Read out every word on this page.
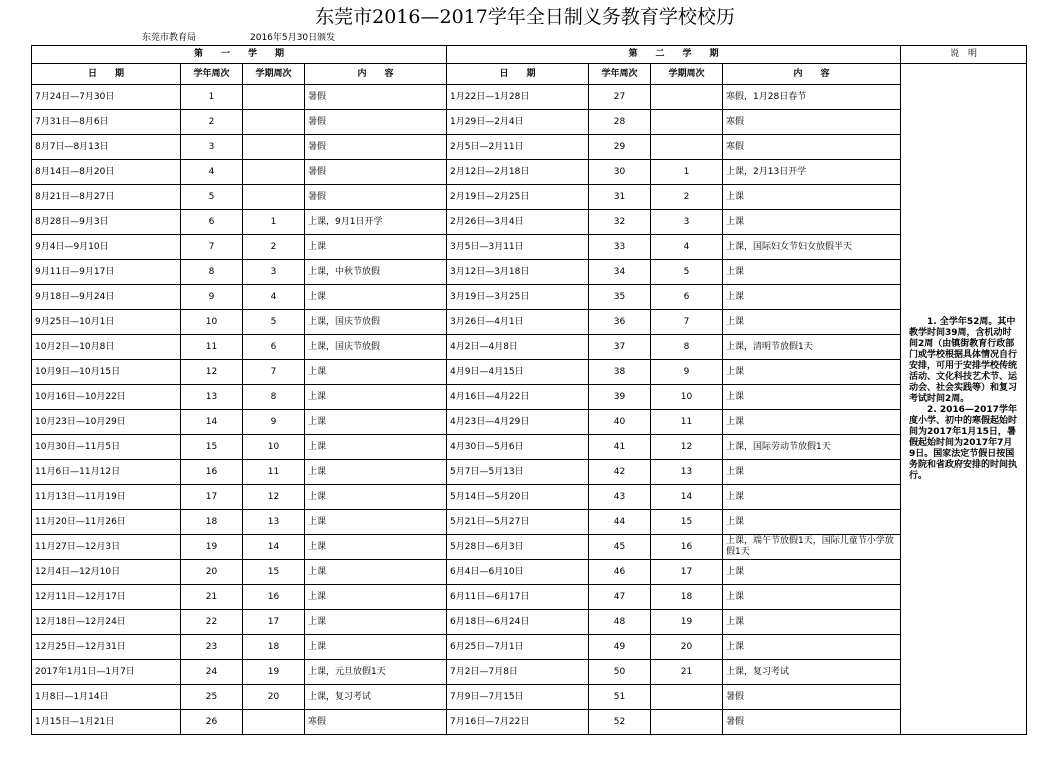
东莞市2016—2017学年全日制义务教育学校校历
东莞市教育局	2016年5月30日颁发
第　　一　　学　　期				第　　二　　学　　期				说　明
日　　期	学年周次	学期周次	内　　容	日　　期	学年周次	学期周次	内　　容	1. 全学年52周。其中教学时间39周，含机动时间2周（由镇街教育行政部门或学校根据具体情况自行安排，可用于安排学校传统活动、文化科技艺术节、运动会、社会实践等）和复习考试时间2周。

2. 2016—2017学年度小学、初中的寒假起始时间为2017年1月15日，暑假起始时间为2017年7月9日。国家法定节假日按国务院和省政府安排的时间执行。

7月24日—7月30日	1		暑假	1月22日—1月28日	27		寒假，1月28日春节	
7月31日—8月6日	2		暑假	1月29日—2月4日	28		寒假	
8月7日—8月13日	3		暑假	2月5日—2月11日	29		寒假	
8月14日—8月20日	4		暑假	2月12日—2月18日	30	1	上课，2月13日开学	
8月21日—8月27日	5		暑假	2月19日—2月25日	31	2	上课	
8月28日—9月3日	6	1	上课，9月1日开学	2月26日—3月4日	32	3	上课	
9月4日—9月10日	7	2	上课	3月5日—3月11日	33	4	上课，国际妇女节妇女放假半天	
9月11日—9月17日	8	3	上课，中秋节放假	3月12日—3月18日	34	5	上课	
9月18日—9月24日	9	4	上课	3月19日—3月25日	35	6	上课	
9月25日—10月1日	10	5	上课，国庆节放假	3月26日—4月1日	36	7	上课	
10月2日—10月8日	11	6	上课，国庆节放假	4月2日—4月8日	37	8	上课，清明节放假1天	
10月9日—10月15日	12	7	上课	4月9日—4月15日	38	9	上课	
10月16日—10月22日	13	8	上课	4月16日—4月22日	39	10	上课	
10月23日—10月29日	14	9	上课	4月23日—4月29日	40	11	上课	
10月30日—11月5日	15	10	上课	4月30日—5月6日	41	12	上课，国际劳动节放假1天	
11月6日—11月12日	16	11	上课	5月7日—5月13日	42	13	上课	
11月13日—11月19日	17	12	上课	5月14日—5月20日	43	14	上课	
11月20日—11月26日	18	13	上课	5月21日—5月27日	44	15	上课	
11月27日—12月3日	19	14	上课	5月28日—6月3日	45	16	上课，端午节放假1天，国际儿童节小学放假1天	
12月4日—12月10日	20	15	上课	6月4日—6月10日	46	17	上课	
12月11日—12月17日	21	16	上课	6月11日—6月17日	47	18	上课	
12月18日—12月24日	22	17	上课	6月18日—6月24日	48	19	上课	
12月25日—12月31日	23	18	上课	6月25日—7月1日	49	20	上课	
2017年1月1日—1月7日	24	19	上课，元旦放假1天	7月2日—7月8日	50	21	上课，复习考试	
1月8日—1月14日	25	20	上课，复习考试	7月9日—7月15日	51		暑假	
1月15日—1月21日	26		寒假	7月16日—7月22日	52		暑假	
